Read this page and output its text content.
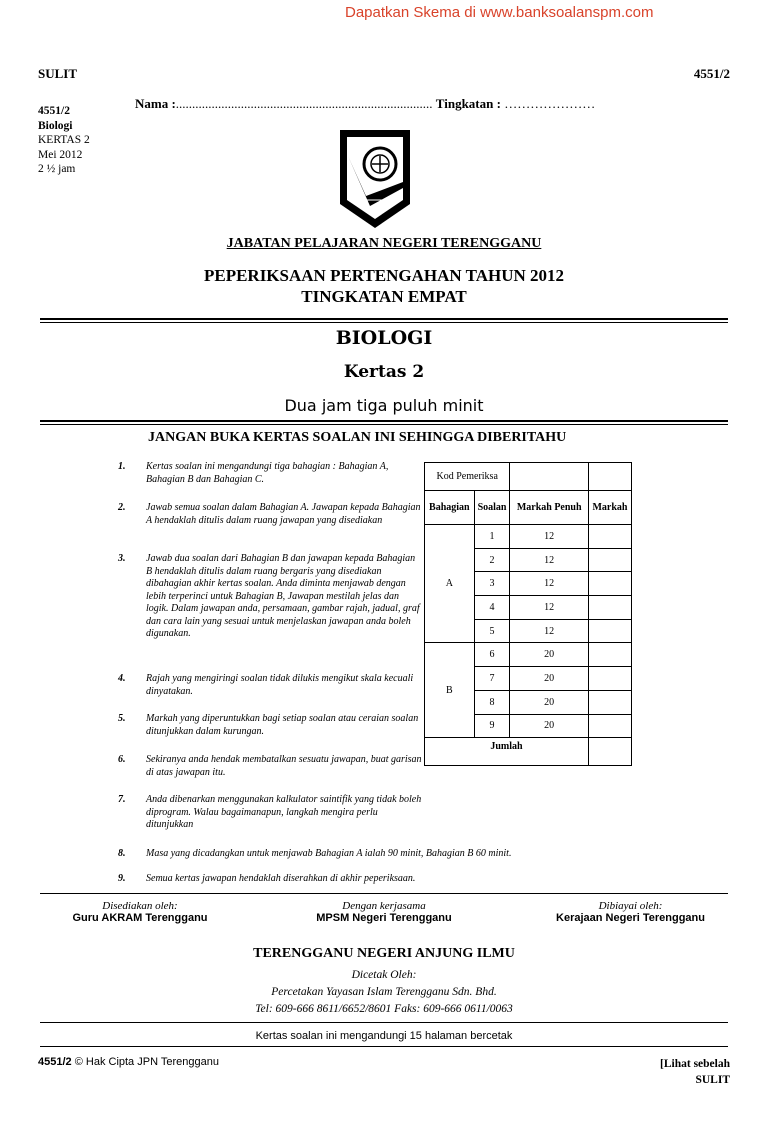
Dapatkan Skema di www.banksoalanspm.com
SULIT	4551/2
4551/2
Biologi
KERTAS 2
Mei 2012
2 ½ jam
Nama :............................................................................... Tingkatan : …………………
JABATAN PELAJARAN NEGERI TERENGGANU
PEPERIKSAAN PERTENGAHAN TAHUN 2012
TINGKATAN EMPAT
BIOLOGI
Kertas 2
Dua jam tiga puluh minit
JANGAN BUKA KERTAS SOALAN INI SEHINGGA DIBERITAHU
1.	Kertas soalan ini mengandungi tiga bahagian : Bahagian A, Bahagian B dan Bahagian C.
2.	Jawab semua soalan dalam Bahagian A. Jawapan kepada Bahagian A hendaklah ditulis dalam ruang jawapan yang disediakan
3.	Jawab dua soalan dari Bahagian B dan jawapan kepada Bahagian B hendaklah ditulis dalam ruang bergaris yang disediakan dibahagian akhir kertas soalan. Anda diminta menjawab dengan lebih terperinci untuk Bahagian B, Jawapan mestilah jelas dan logik. Dalam jawapan anda, persamaan, gambar rajah, jadual, graf dan cara lain yang sesuai untuk menjelaskan jawapan anda boleh digunakan.
4.	Rajah yang mengiringi soalan tidak dilukis mengikut skala kecuali dinyatakan.
5.	Markah yang diperuntukkan bagi setiap soalan atau ceraian soalan ditunjukkan dalam kurungan.
6.	Sekiranya anda hendak membatalkan sesuatu jawapan, buat garisan di atas jawapan itu.
7.	Anda dibenarkan menggunakan kalkulator saintifik yang tidak boleh diprogram. Walau bagaimanapun, langkah mengira perlu ditunjukkan
8. Masa yang dicadangkan untuk menjawab Bahagian A ialah 90 minit, Bahagian B 60 minit.
9. Semua kertas jawapan hendaklah diserahkan di akhir peperiksaan.
Kod Pemeriksa			
Bahagian	Soalan	Markah Penuh	Markah
A	1	12	
	2	12	
	3	12	
	4	12	
	5	12	
B	6	20	
	7	20	
	8	20	
	9	20	
Jumlah			
Disediakan oleh:
Guru AKRAM Terengganu
Dengan kerjasama
MPSM Negeri Terengganu
Dibiayai oleh:
Kerajaan Negeri Terengganu
TERENGGANU NEGERI ANJUNG ILMU
Dicetak Oleh:
Percetakan Yayasan Islam Terengganu Sdn. Bhd.
Tel: 609-666 8611/6652/8601 Faks: 609-666 0611/0063
Kertas soalan ini mengandungi 15 halaman bercetak
4551/2 © Hak Cipta JPN Terengganu	[Lihat sebelah
SULIT
